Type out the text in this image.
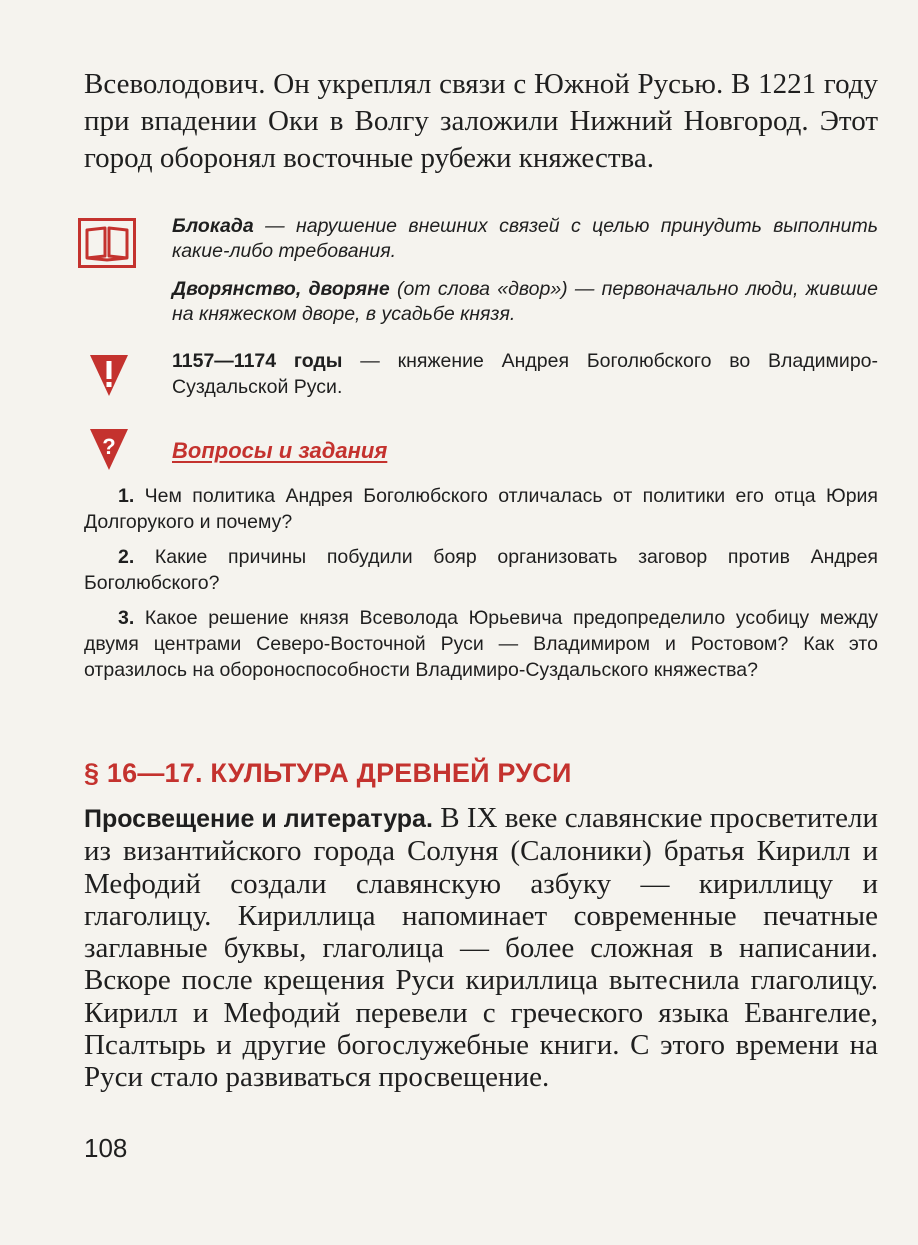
Всеволодович. Он укреплял связи с Южной Русью. В 1221 году при впадении Оки в Волгу заложили Нижний Новгород. Этот город оборонял восточные рубежи княжества.

Блокада — нарушение внешних связей с целью принудить выполнить какие-либо требования.

Дворянство, дворяне (от слова «двор») — первоначально люди, жившие на княжеском дворе, в усадьбе князя.

1157—1174 годы — княжение Андрея Боголюбского во Владимиро-Суздальской Руси.
?	Вопросы и задания

1. Чем политика Андрея Боголюбского отличалась от политики его отца Юрия Долгорукого и почему?

2. Какие причины побудили бояр организовать заговор против Андрея Боголюбского?

3. Какое решение князя Всеволода Юрьевича предопределило усобицу между двумя центрами Северо-Восточной Руси — Владимиром и Ростовом? Как это отразилось на обороноспособности Владимиро-Суздальского княжества?

§ 16—17. КУЛЬТУРА ДРЕВНЕЙ РУСИ
Просвещение и литература. В IX веке славянские просветители из византийского города Солуня (Салоники) братья Кирилл и Мефодий создали славянскую азбуку — кириллицу и глаголицу. Кириллица напоминает современные печатные заглавные буквы, глаголица — более сложная в написании. Вскоре после крещения Руси кириллица вытеснила глаголицу. Кирилл и Мефодий перевели с греческого языка Евангелие, Псалтырь и другие богослужебные книги. С этого времени на Руси стало развиваться просвещение.
108
